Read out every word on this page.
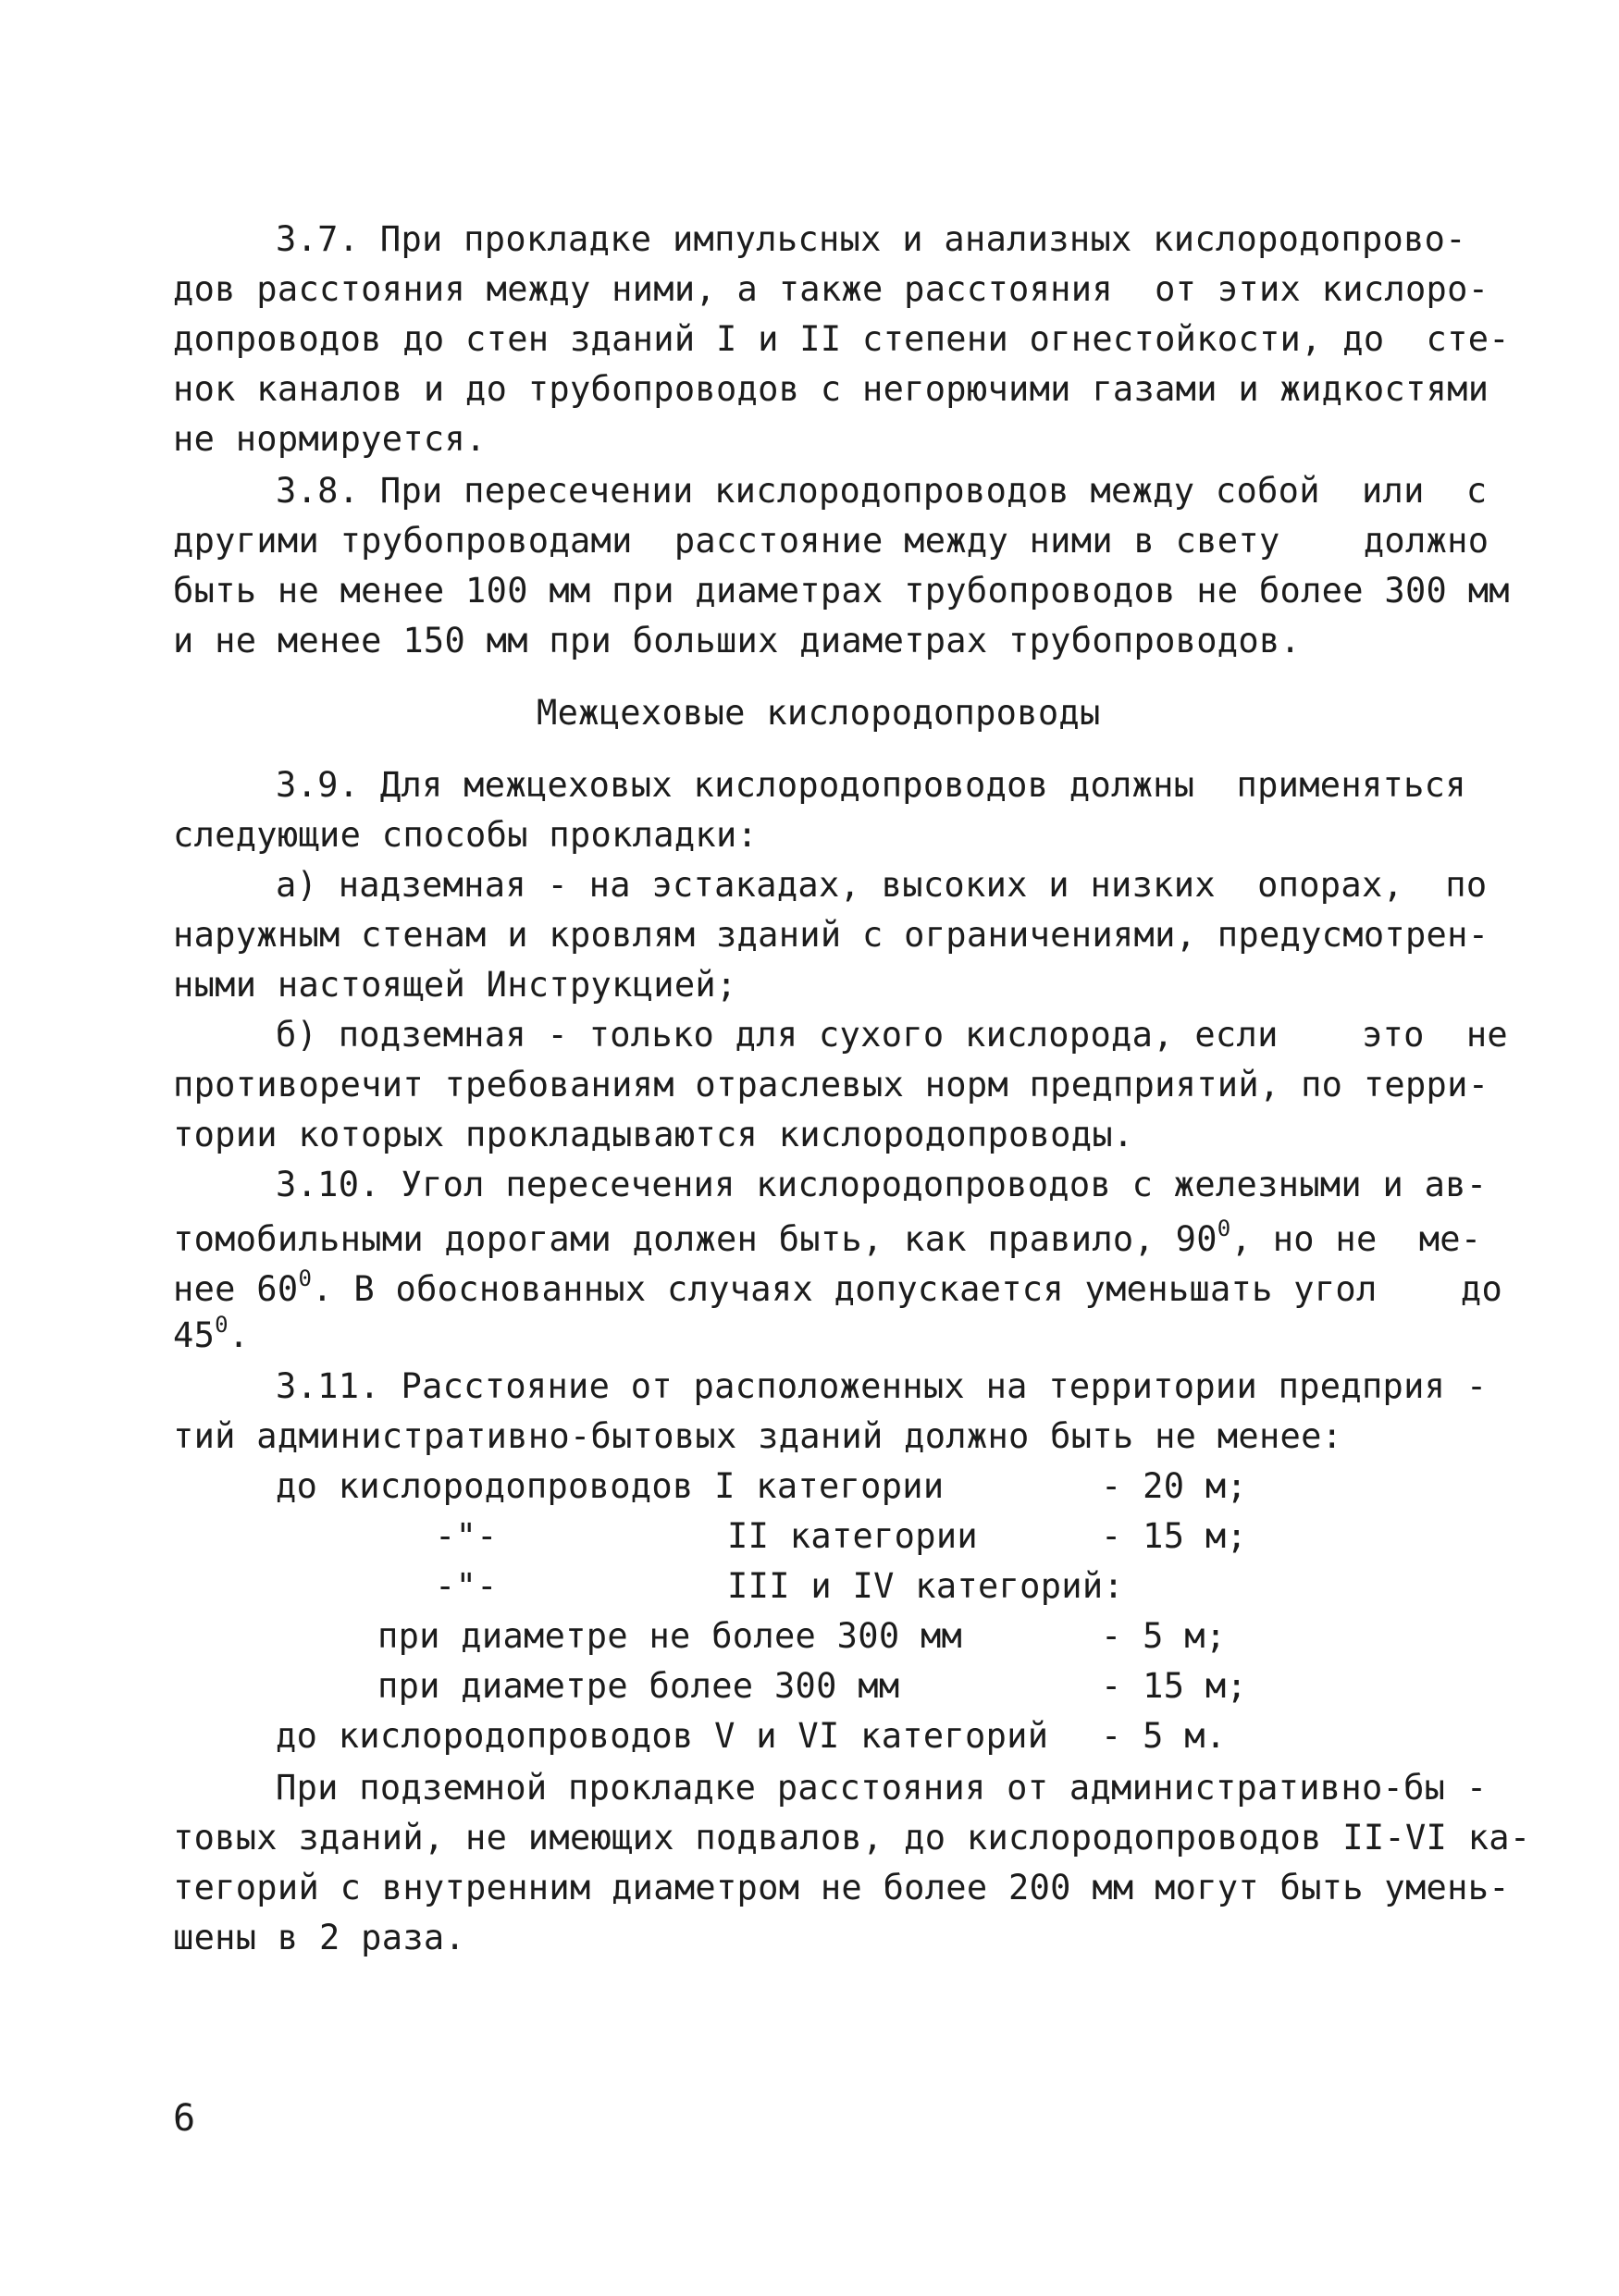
3.7. При прокладке импульсных и анализных кислородопрово-
дов расстояния между ними, а также расстояния  от этих кислоро-
допроводов до стен зданий I и II степени огнестойкости, до  сте-
нок каналов и до трубопроводов с негорючими газами и жидкостями
не нормируется.
3.8. При пересечении кислородопроводов между собой  или  с
другими трубопроводами  расстояние между ними в свету    должно
быть не менее 100 мм при диаметрах трубопроводов не более 300 мм
и не менее 150 мм при больших диаметрах трубопроводов.
Межцеховые кислородопроводы
3.9. Для межцеховых кислородопроводов должны  применяться
следующие способы прокладки:
а) надземная - на эстакадах, высоких и низких  опорах,  по
наружным стенам и кровлям зданий с ограничениями, предусмотрен-
ными настоящей Инструкцией;
б) подземная - только для сухого кислорода, если    это  не
противоречит требованиям отраслевых норм предприятий, по терри-
тории которых прокладываются кислородопроводы.
3.10. Угол пересечения кислородопроводов с железными и ав-
томобильными дорогами должен быть, как правило, $90^0$, но не  ме-
нее $60^0$. В обоснованных случаях допускается уменьшать угол    до
$45^0$.
3.11. Расстояние от расположенных на территории предприя -
тий административно-бытовых зданий должно быть не менее:
до кислородопроводов I категории	- 20 м;
-"-           II категории	- 15 м;
-"-           III и IV категорий:
при диаметре не более 300 мм	- 5 м;
при диаметре более 300 мм	- 15 м;
до кислородопроводов V и VI категорий - 5 м.
При подземной прокладке расстояния от административно-бы -
товых зданий, не имеющих подвалов, до кислородопроводов II-VI ка-
тегорий с внутренним диаметром не более 200 мм могут быть умень-
шены в 2 раза.
6
